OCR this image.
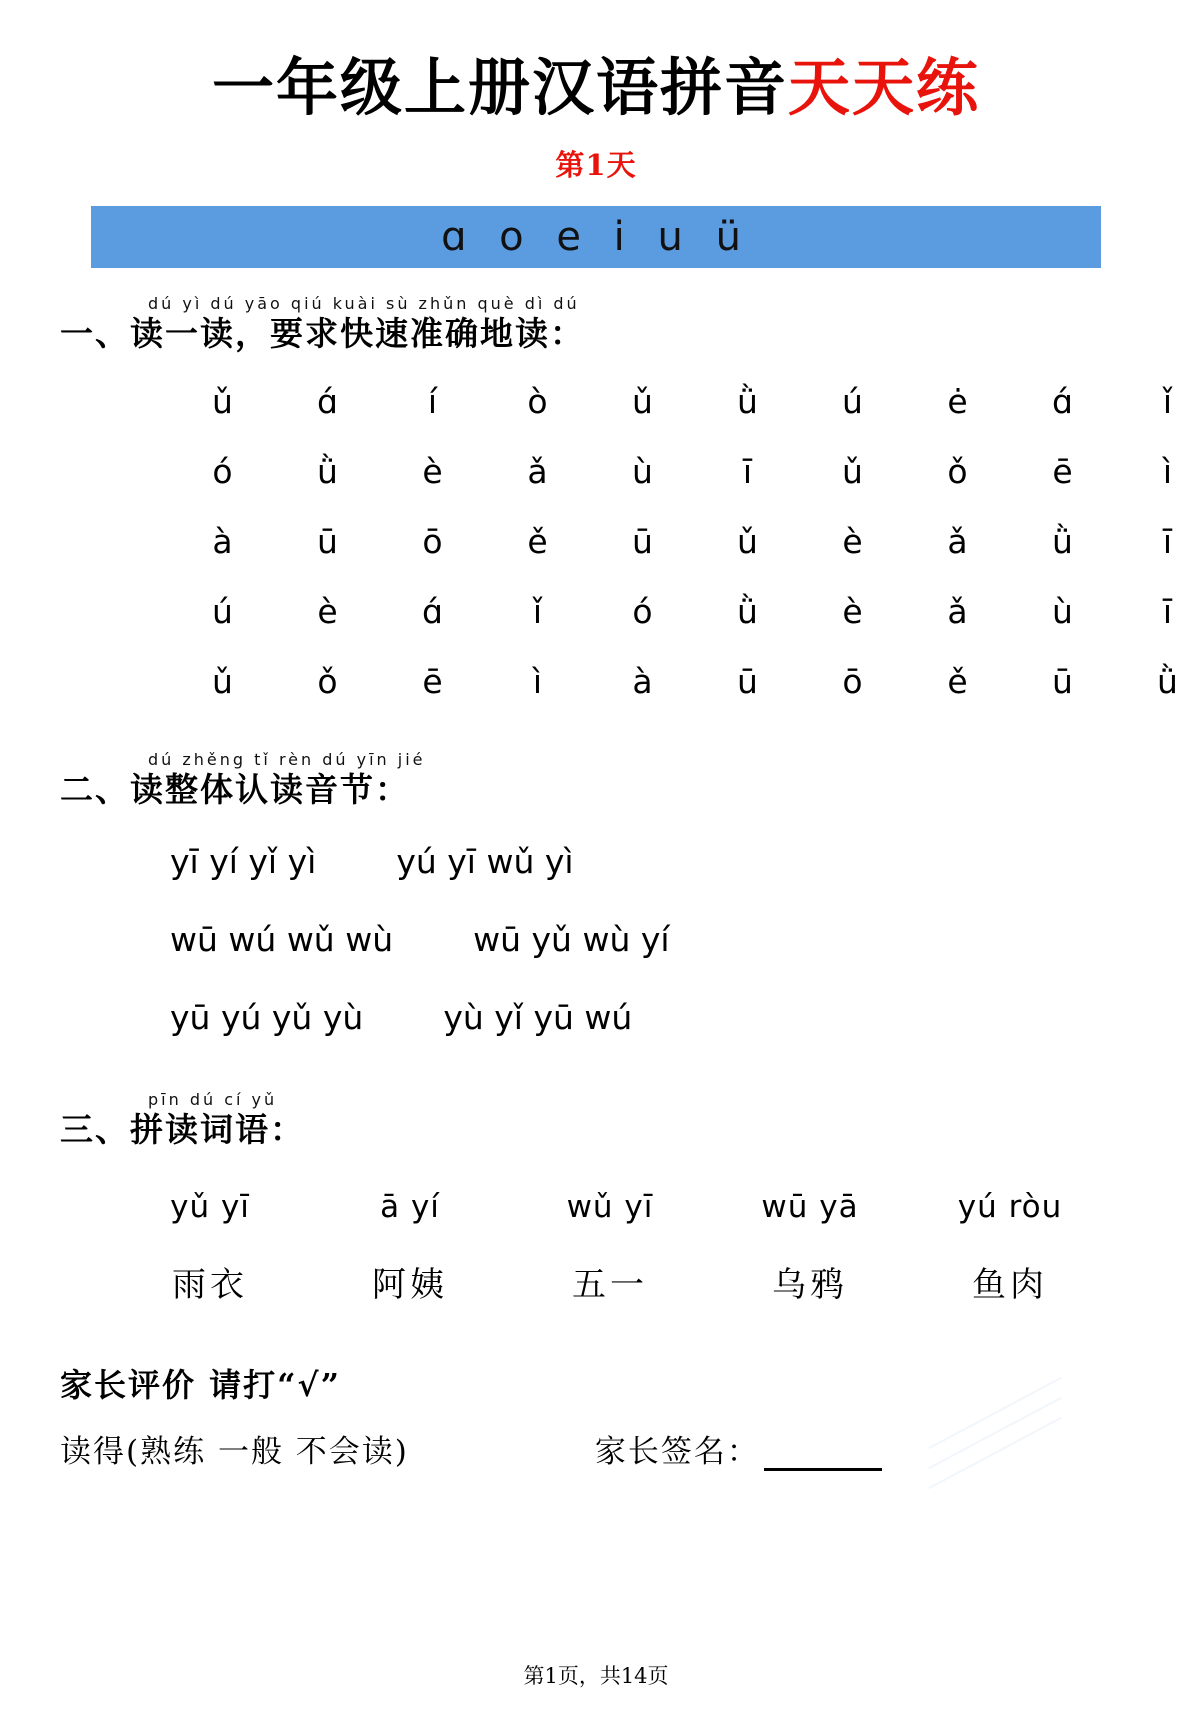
一年级上册汉语拼音天天练
第1天
ɑ o e i u ü
dú yì dú yāo qiú kuài sù zhǔn què dì dú
一、读一读，要求快速准确地读：
ǔ	ɑ́	í	ò	ǔ	ǜ	ú	ė	ɑ́	ǐ
ó	ǜ	è	ǎ	ù	ī	ǔ	ǒ	ē	ì
à	ū	ō	ě	ū	ǔ	è	ǎ	ǜ	ī
ú	è	ɑ́	ǐ	ó	ǜ	è	ǎ	ù	ī
ǔ	ǒ	ē	ì	à	ū	ō	ě	ū	ǜ
dú zhěng tǐ rèn dú yīn jié
二、读整体认读音节：
yī yí yǐ yì yú yī wǔ yì
wū wú wǔ wù wū yǔ wù yí
yū yú yǔ yù yù yǐ yū wú
pīn dú cí yǔ
三、拼读词语：
yǔ yī	ā yí	wǔ yī	wū yā	yú ròu
雨衣	阿姨	五一	乌鸦	鱼肉
家长评价 请打“√”
读得(熟练 一般 不会读)	家长签名：
第1页，共14页
